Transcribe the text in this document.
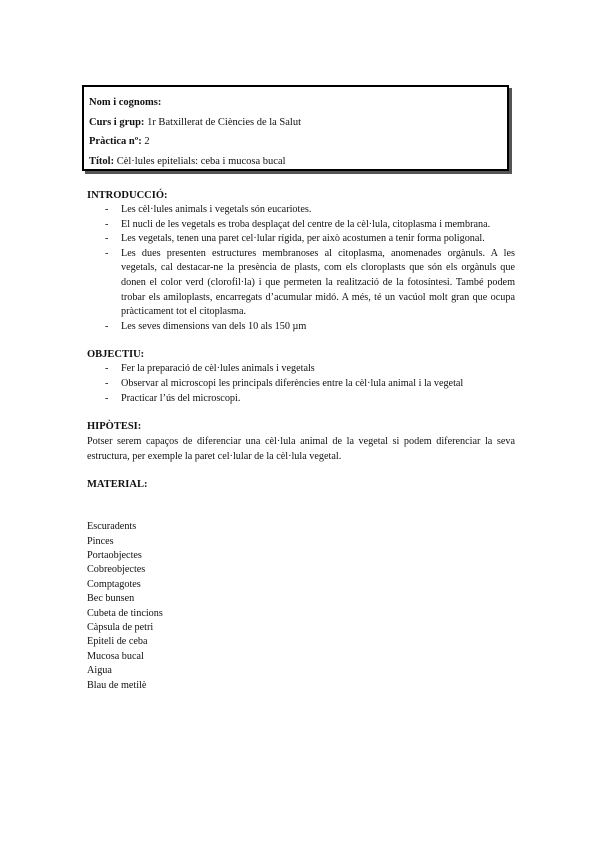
Nom i cognoms:
Curs i grup: 1r Batxillerat de Ciències de la Salut
Pràctica nº: 2
Títol: Cèl·lules epitelials: ceba i mucosa bucal
INTRODUCCIÓ:
- Les cèl·lules animals i vegetals són eucariotes.
- El nucli de les vegetals es troba desplaçat del centre de la cèl·lula, citoplasma i membrana.
- Les vegetals, tenen una paret cel·lular rígida, per això acostumen a tenir forma poligonal.
- Les dues presenten estructures membranoses al citoplasma, anomenades orgànuls. A les vegetals, cal destacar-ne la presència de plasts, com els cloroplasts que són els orgànuls que donen el color verd (clorofil·la) i que permeten la realització de la fotosíntesi. També podem trobar els amiloplasts, encarregats d’acumular midó. A més, té un vacúol molt gran que ocupa pràcticament tot el citoplasma.
- Les seves dimensions van dels 10 als 150 µm
OBJECTIU:
- Fer la preparació de cèl·lules animals i vegetals
- Observar al microscopi les principals diferències entre la cèl·lula animal i la vegetal
- Practicar l’ús del microscopi.
HIPÒTESI:

Potser serem capaços de diferenciar una cèl·lula animal de la vegetal si podem diferenciar la seva estructura, per exemple la paret cel·lular de la cèl·lula vegetal.

MATERIAL:
Escuradents
Pinces
Portaobjectes
Cobreobjectes
Comptagotes
Bec bunsen
Cubeta de tincions
Càpsula de petri
Epiteli de ceba
Mucosa bucal
Aigua
Blau de metilè
